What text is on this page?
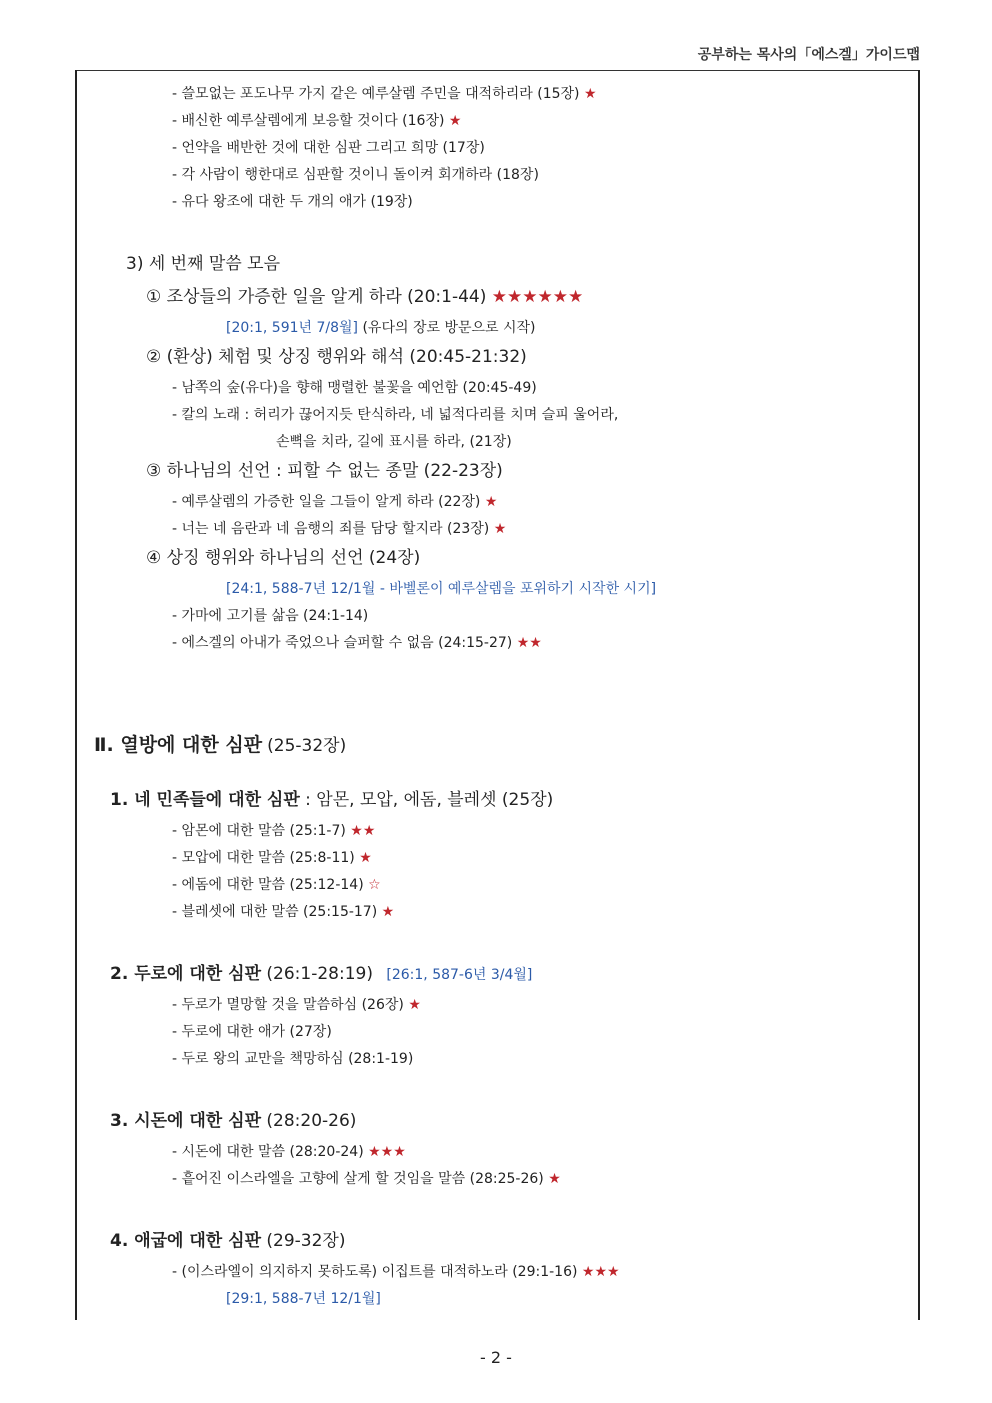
공부하는 목사의「에스겔」가이드맵
- 쓸모없는 포도나무 가지 같은 예루살렘 주민을 대적하리라 (15장) ★
- 배신한 예루살렘에게 보응할 것이다 (16장) ★
- 언약을 배반한 것에 대한 심판 그리고 희망 (17장)
- 각 사람이 행한대로 심판할 것이니 돌이켜 회개하라 (18장)
- 유다 왕조에 대한 두 개의 애가 (19장)
3) 세 번째 말씀 모음
① 조상들의 가증한 일을 알게 하라 (20:1-44) ★★★★★★
[20:1, 591년 7/8월] (유다의 장로 방문으로 시작)
② (환상) 체험 및 상징 행위와 해석 (20:45-21:32)
- 남쪽의 숲(유다)을 향해 맹렬한 불꽃을 예언함 (20:45-49)
- 칼의 노래 : 허리가 끊어지듯 탄식하라, 네 넓적다리를 치며 슬피 울어라,
손뼉을 치라, 길에 표시를 하라, (21장)
③ 하나님의 선언 : 피할 수 없는 종말 (22-23장)
- 예루살렘의 가증한 일을 그들이 알게 하라 (22장) ★
- 너는 네 음란과 네 음행의 죄를 담당 할지라 (23장) ★
④ 상징 행위와 하나님의 선언 (24장)
[24:1, 588-7년 12/1월 - 바벨론이 예루살렘을 포위하기 시작한 시기]
- 가마에 고기를 삶음 (24:1-14)
- 에스겔의 아내가 죽었으나 슬퍼할 수 없음 (24:15-27) ★★
Ⅱ. 열방에 대한 심판 (25-32장)
1. 네 민족들에 대한 심판 : 암몬, 모압, 에돔, 블레셋 (25장)
- 암몬에 대한 말씀 (25:1-7) ★★
- 모압에 대한 말씀 (25:8-11) ★
- 에돔에 대한 말씀 (25:12-14) ☆
- 블레셋에 대한 말씀 (25:15-17) ★
2. 두로에 대한 심판 (26:1-28:19) [26:1, 587-6년 3/4월]
- 두로가 멸망할 것을 말씀하심 (26장) ★
- 두로에 대한 애가 (27장)
- 두로 왕의 교만을 책망하심 (28:1-19)
3. 시돈에 대한 심판 (28:20-26)
- 시돈에 대한 말씀 (28:20-24) ★★★
- 흩어진 이스라엘을 고향에 살게 할 것임을 말씀 (28:25-26) ★
4. 애굽에 대한 심판 (29-32장)
- (이스라엘이 의지하지 못하도록) 이집트를 대적하노라 (29:1-16) ★★★
[29:1, 588-7년 12/1월]
- 2 -
